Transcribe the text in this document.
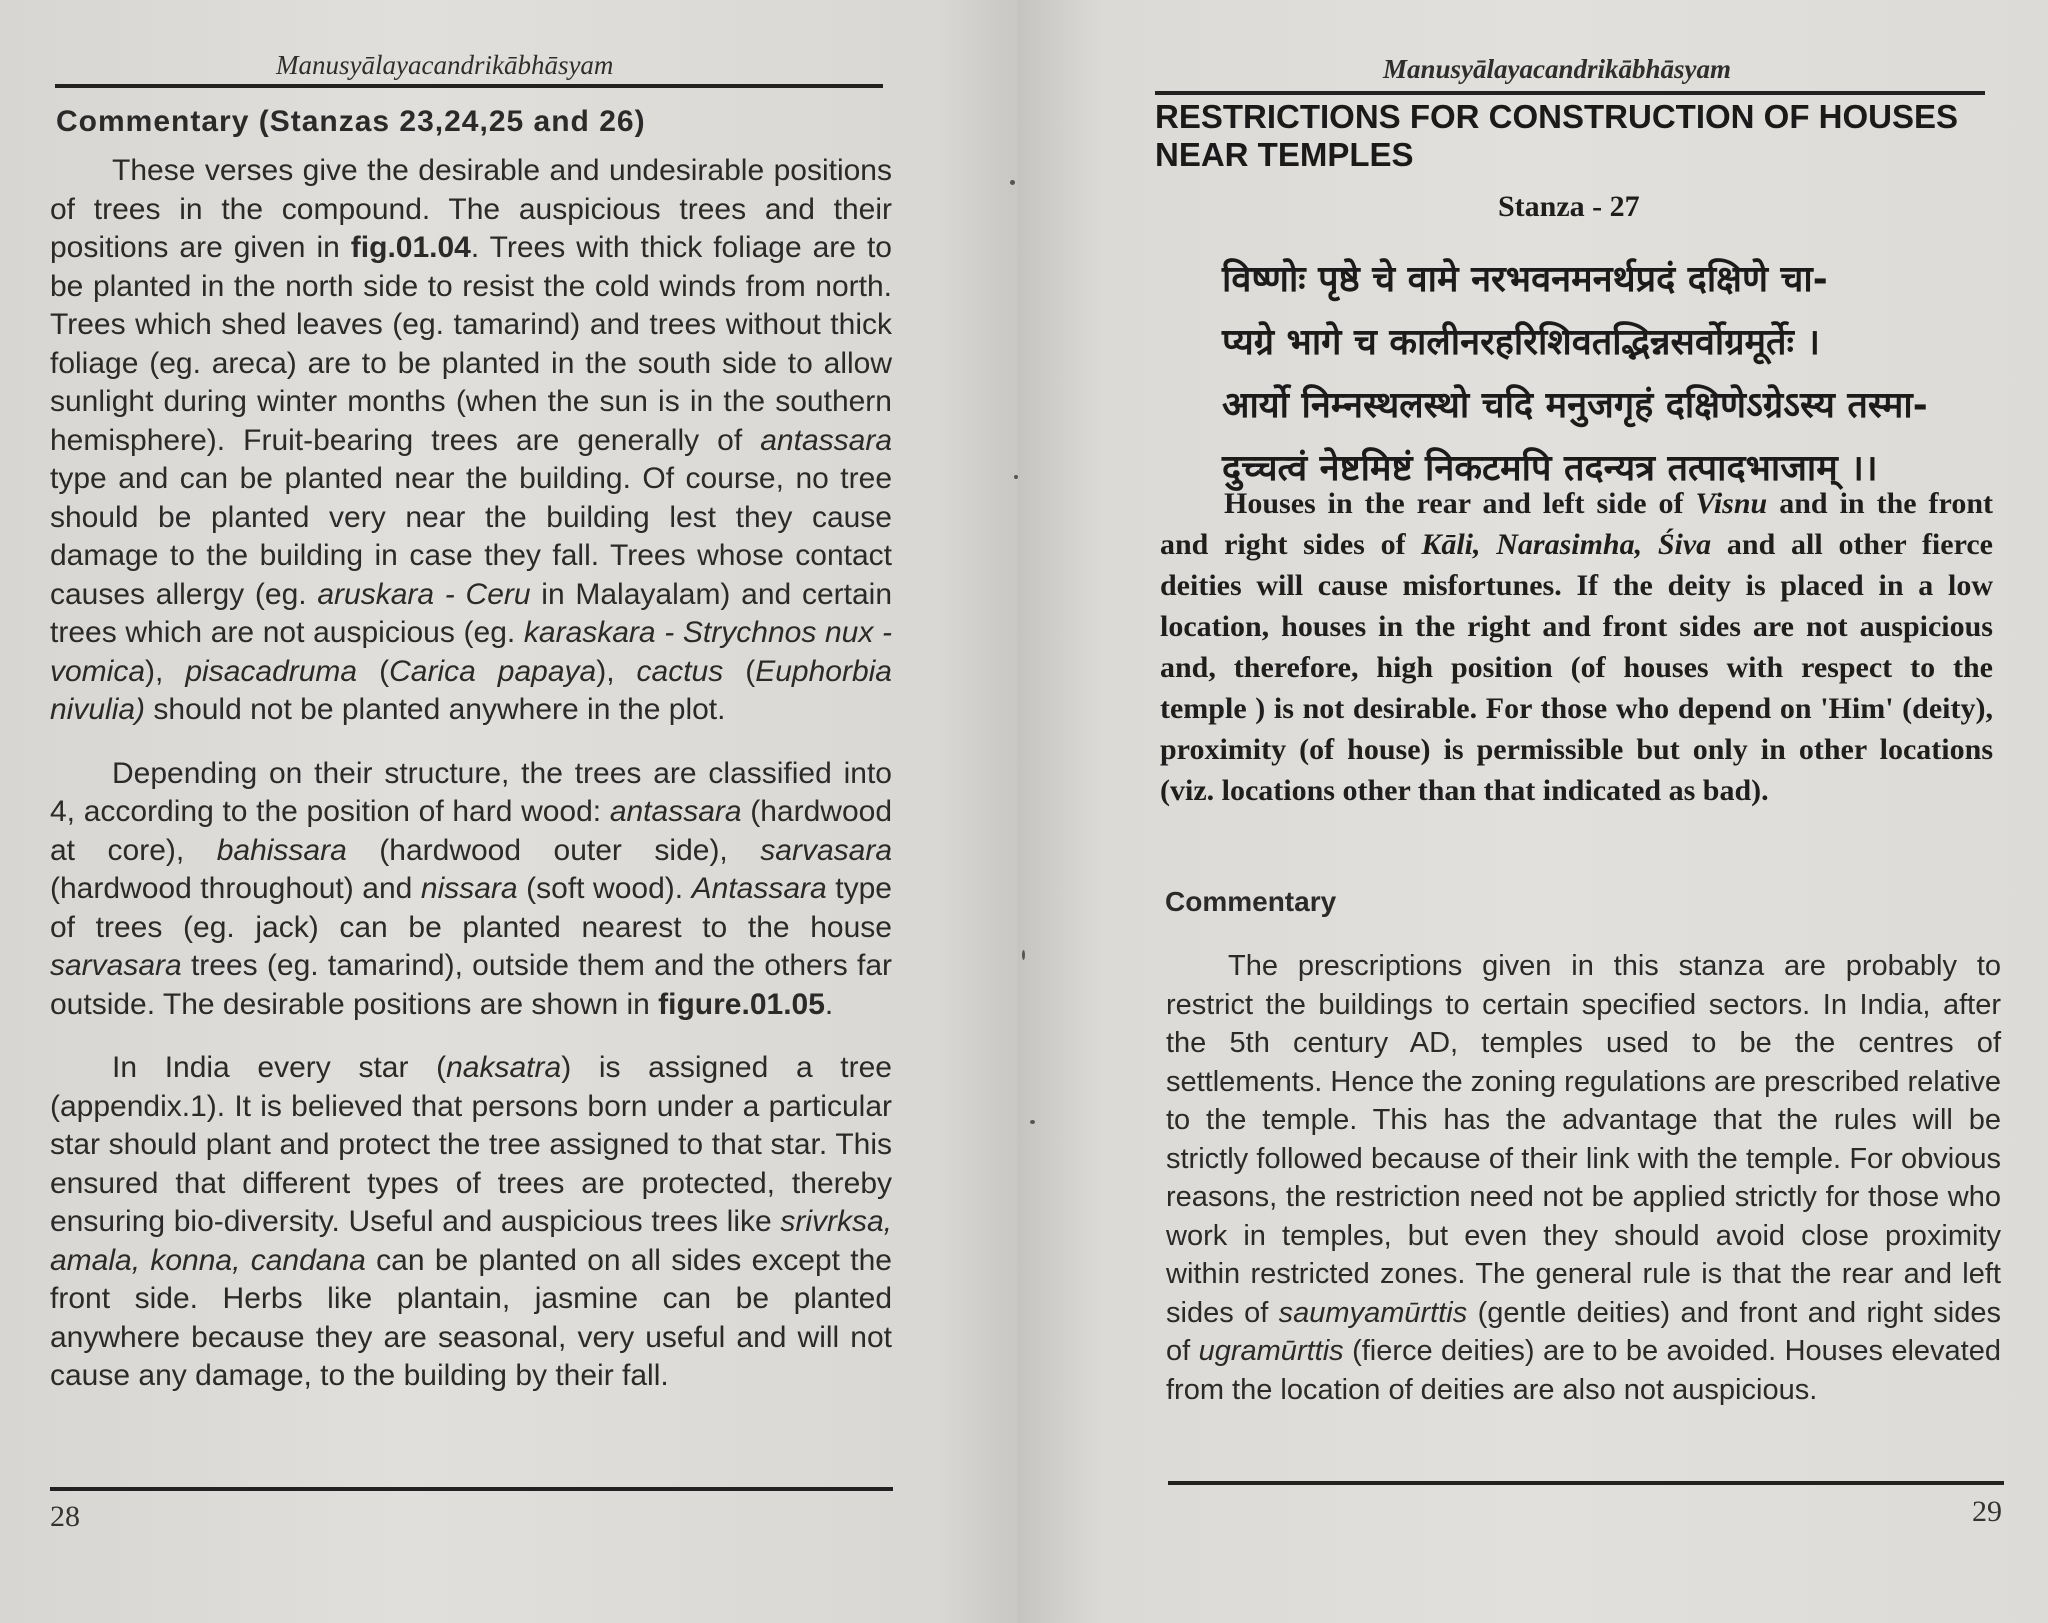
Manusyālayacandrikābhāsyam
Commentary (Stanzas 23,24,25 and 26)

These verses give the desirable and undesirable positions of trees in the compound. The auspicious trees and their positions are given in fig.01.04. Trees with thick foliage are to be planted in the north side to resist the cold winds from north. Trees which shed leaves (eg. tamarind) and trees without thick foliage (eg. areca) are to be planted in the south side to allow sunlight during winter months (when the sun is in the southern hemisphere). Fruit-bearing trees are generally of antassara type and can be planted near the building. Of course, no tree should be planted very near the building lest they cause damage to the building in case they fall. Trees whose contact causes allergy (eg. aruskara - Ceru in Malayalam) and certain trees which are not auspicious (eg. karaskara - Strychnos nux - vomica), pisacadruma (Carica papaya), cactus (Euphorbia nivulia) should not be planted anywhere in the plot.

Depending on their structure, the trees are classified into 4, according to the position of hard wood: antassara (hardwood at core), bahissara (hardwood outer side), sarvasara (hardwood throughout) and nissara (soft wood). Antassara type of trees (eg. jack) can be planted nearest to the house sarvasara trees (eg. tamarind), outside them and the others far outside. The desirable positions are shown in figure.01.05.

In India every star (naksatra) is assigned a tree (appendix.1). It is believed that persons born under a particular star should plant and protect the tree assigned to that star. This ensured that different types of trees are protected, thereby ensuring bio-diversity. Useful and auspicious trees like srivrksa, amala, konna, candana can be planted on all sides except the front side. Herbs like plantain, jasmine can be planted anywhere because they are seasonal, very useful and will not cause any damage, to the building by their fall.

28
Manusyālayacandrikābhāsyam
RESTRICTIONS FOR CONSTRUCTION OF HOUSES NEAR TEMPLES
Stanza - 27
विष्णोः पृष्ठे चे वामे नरभवनमनर्थप्रदं दक्षिणे चा-
प्यग्रे भागे च कालीनरहरिशिवतद्भिन्नसर्वोग्रमूर्तेः ।
आर्यो निम्नस्थलस्थो चदि मनुजगृहं दक्षिणेऽग्रेऽस्य तस्मा-
दुच्चत्वं नेष्टमिष्टं निकटमपि तदन्यत्र तत्पादभाजाम् ।।
Houses in the rear and left side of Visnu and in the front and right sides of Kāli, Narasimha, Śiva and all other fierce deities will cause misfortunes. If the deity is placed in a low location, houses in the right and front sides are not auspicious and, therefore, high position (of houses with respect to the temple ) is not desirable. For those who depend on 'Him' (deity), proximity (of house) is permissible but only in other locations (viz. locations other than that indicated as bad).
Commentary

The prescriptions given in this stanza are probably to restrict the buildings to certain specified sectors. In India, after the 5th century AD, temples used to be the centres of settlements. Hence the zoning regulations are prescribed relative to the temple. This has the advantage that the rules will be strictly followed because of their link with the temple. For obvious reasons, the restriction need not be applied strictly for those who work in temples, but even they should avoid close proximity within restricted zones. The general rule is that the rear and left sides of saumyamūrttis (gentle deities) and front and right sides of ugramūrttis (fierce deities) are to be avoided. Houses elevated from the location of deities are also not auspicious.

29
